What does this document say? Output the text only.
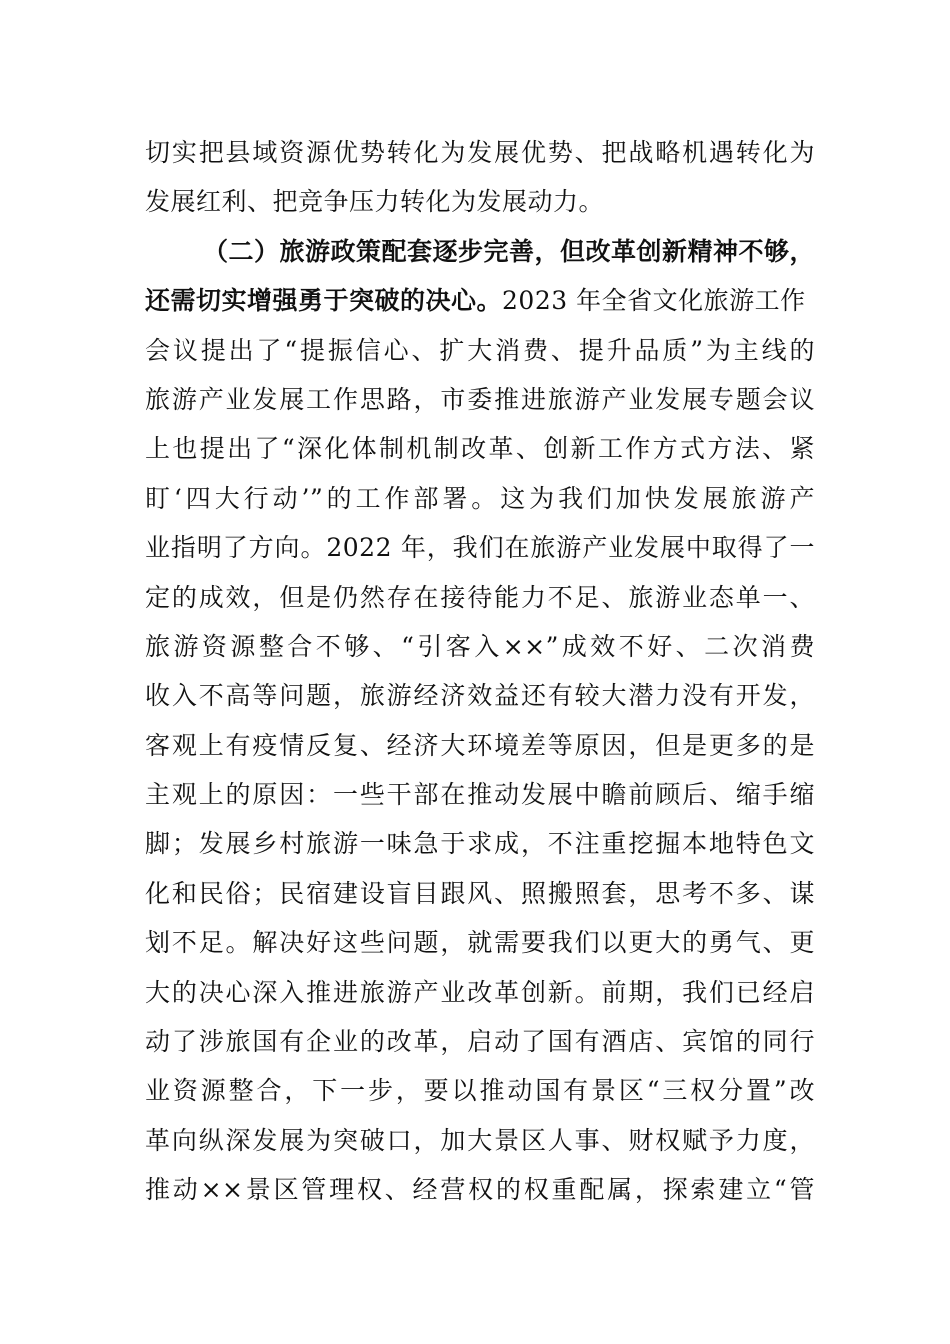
切实把县域资源优势转化为发展优势、把战略机遇转化为
发展红利、把竞争压力转化为发展动力。
（二）旅游政策配套逐步完善，但改革创新精神不够，
还需切实增强勇于突破的决心。2023 年全省文化旅游工作
会议提出了“提振信心、扩大消费、提升品质”为主线的
旅游产业发展工作思路，市委推进旅游产业发展专题会议
上也提出了“深化体制机制改革、创新工作方式方法、紧
盯‘四大行动’”的工作部署。这为我们加快发展旅游产
业指明了方向。2022 年，我们在旅游产业发展中取得了一
定的成效，但是仍然存在接待能力不足、旅游业态单一、
旅游资源整合不够、“引客入××”成效不好、二次消费
收入不高等问题，旅游经济效益还有较大潜力没有开发，
客观上有疫情反复、经济大环境差等原因，但是更多的是
主观上的原因：一些干部在推动发展中瞻前顾后、缩手缩
脚；发展乡村旅游一味急于求成，不注重挖掘本地特色文
化和民俗；民宿建设盲目跟风、照搬照套，思考不多、谋
划不足。解决好这些问题，就需要我们以更大的勇气、更
大的决心深入推进旅游产业改革创新。前期，我们已经启
动了涉旅国有企业的改革，启动了国有酒店、宾馆的同行
业资源整合，下一步，要以推动国有景区“三权分置”改
革向纵深发展为突破口，加大景区人事、财权赋予力度，
推动××景区管理权、经营权的权重配属，探索建立“管
